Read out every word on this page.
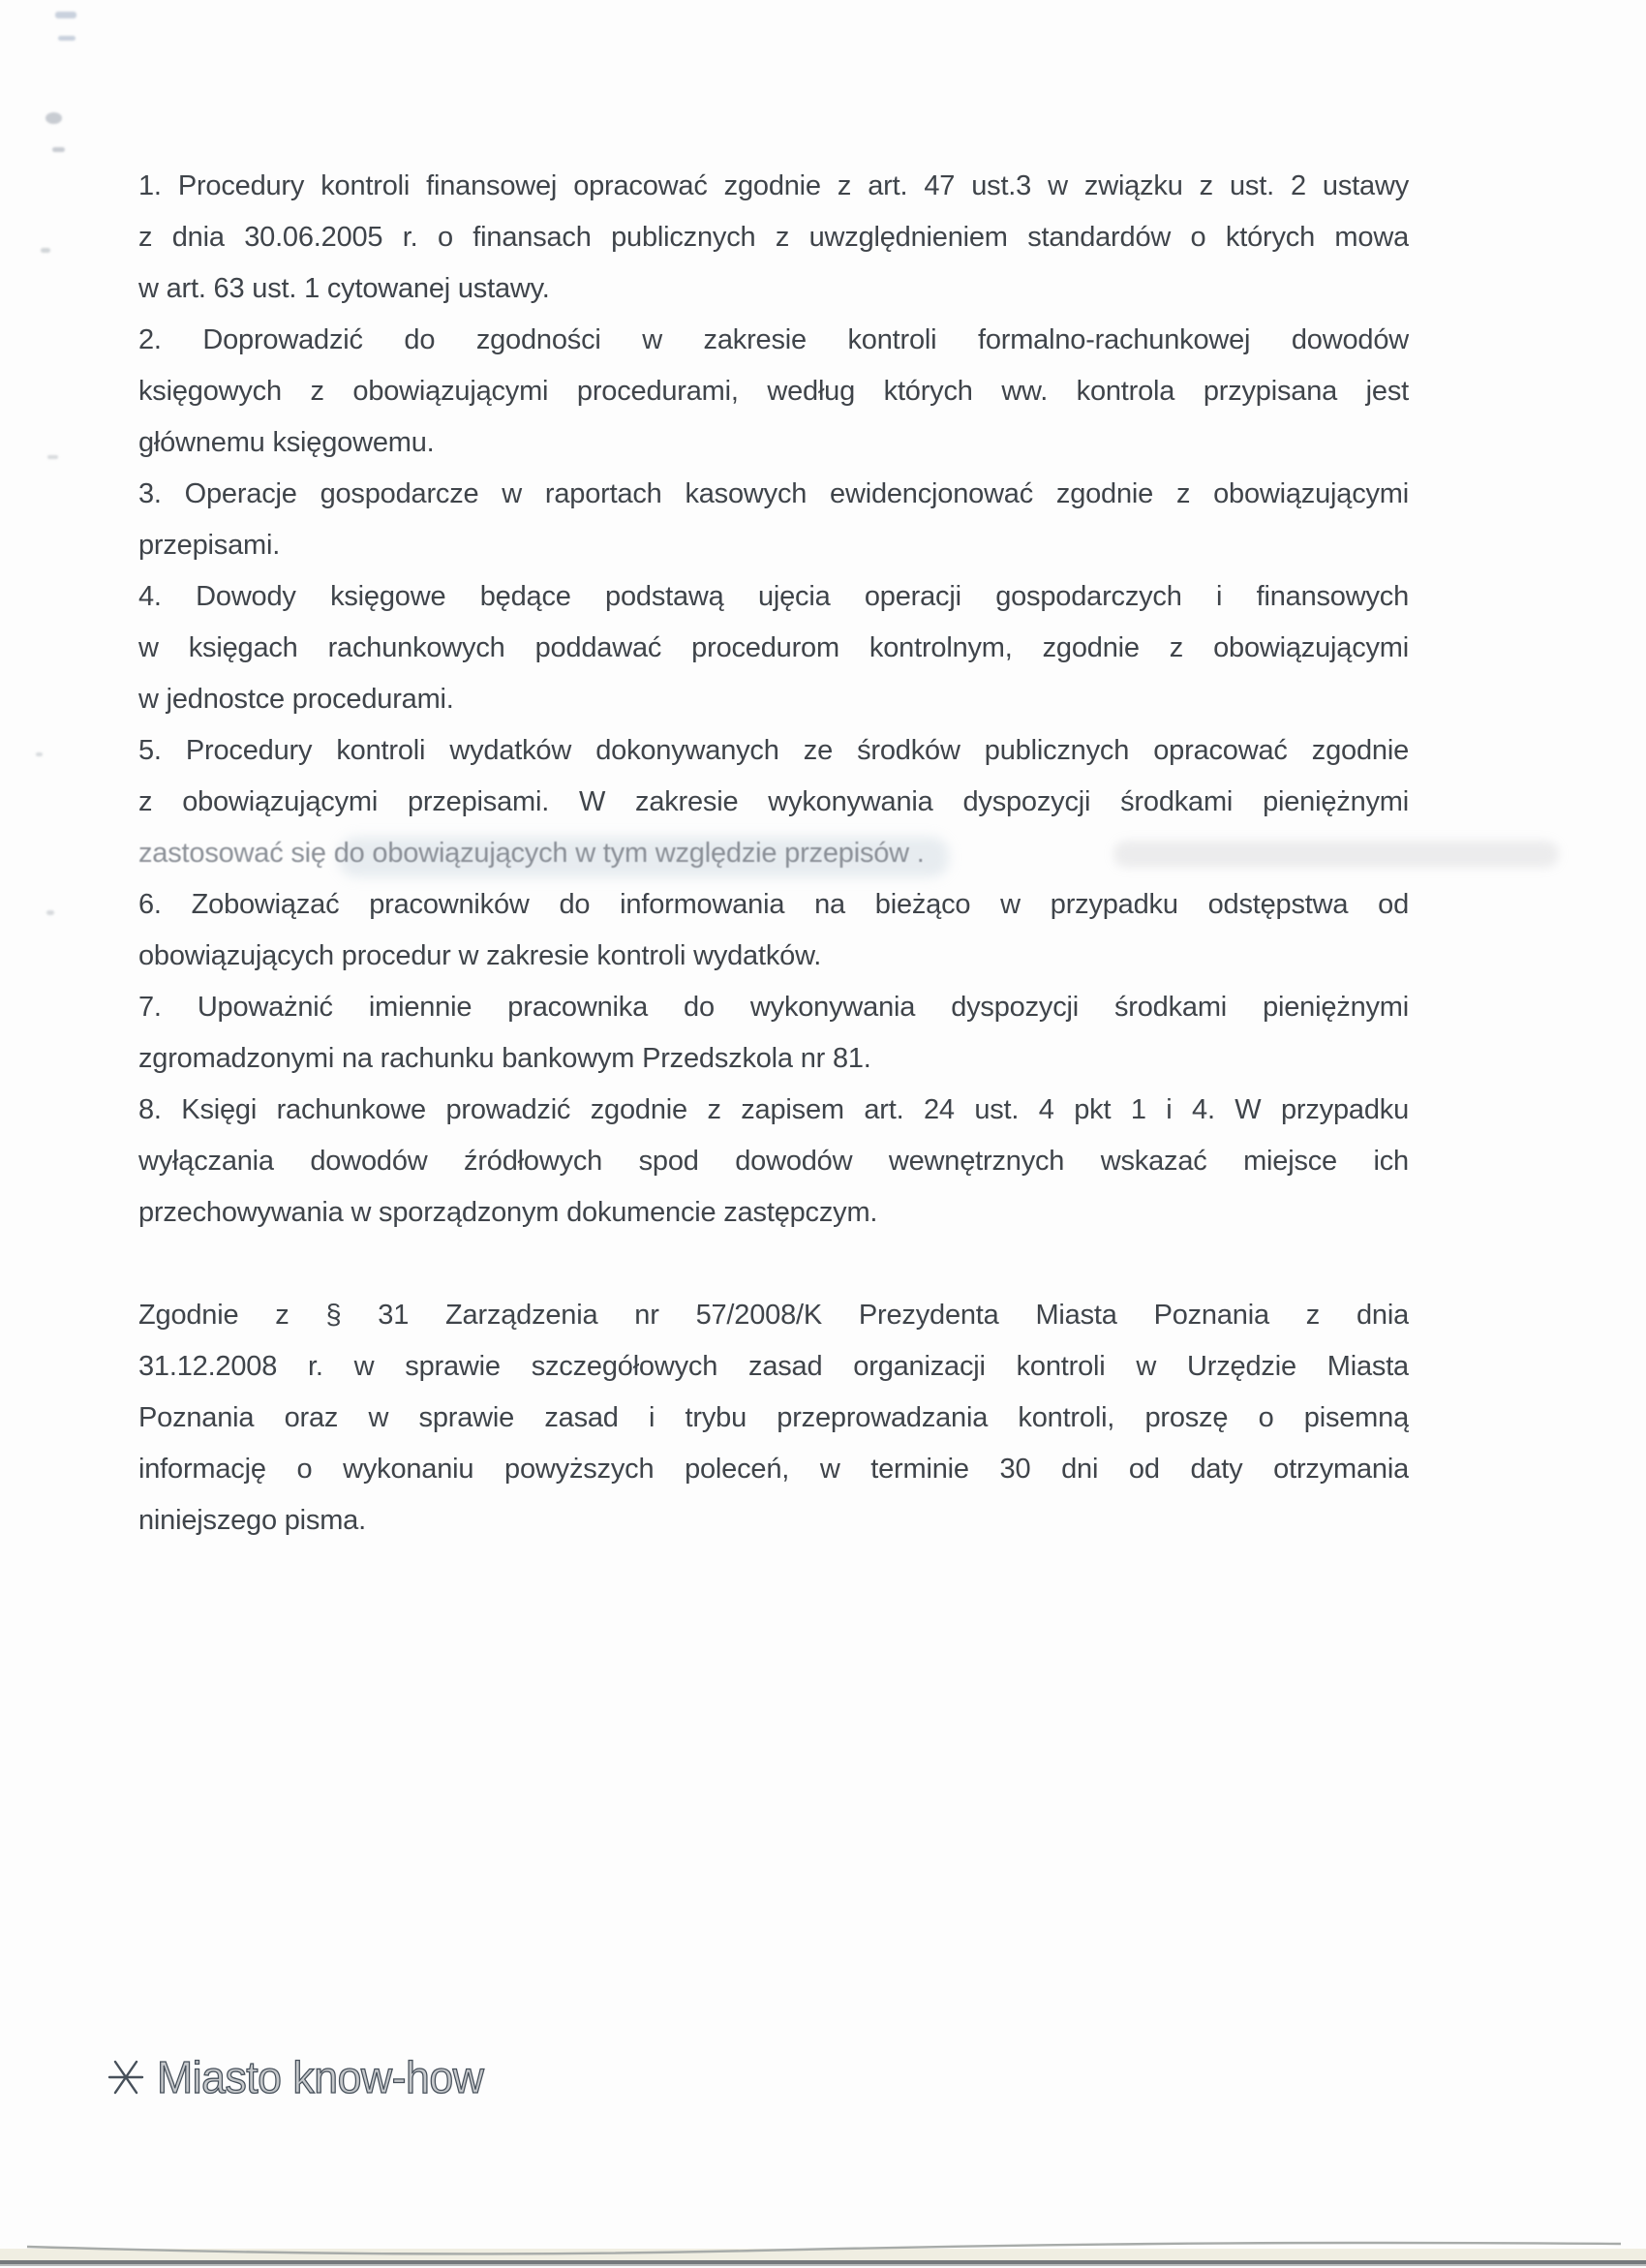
1. Procedury kontroli finansowej opracować zgodnie z art. 47 ust.3 w związku z ust. 2 ustawy
z dnia 30.06.2005 r. o finansach publicznych z uwzględnieniem standardów o których mowa
w art. 63 ust. 1 cytowanej ustawy.
2. Doprowadzić do zgodności w zakresie kontroli formalno-rachunkowej dowodów
księgowych z obowiązującymi procedurami, według których ww. kontrola przypisana jest
głównemu księgowemu.
3. Operacje gospodarcze w raportach kasowych ewidencjonować zgodnie z obowiązującymi
przepisami.
4. Dowody księgowe będące podstawą ujęcia operacji gospodarczych i finansowych
w księgach rachunkowych poddawać procedurom kontrolnym, zgodnie z obowiązującymi
w jednostce procedurami.
5. Procedury kontroli wydatków dokonywanych ze środków publicznych opracować zgodnie
z obowiązującymi przepisami. W zakresie wykonywania dyspozycji środkami pieniężnymi
zastosować się do obowiązujących w tym względzie przepisów .
6. Zobowiązać pracowników do informowania na bieżąco w przypadku odstępstwa od
obowiązujących procedur w zakresie kontroli wydatków.
7. Upoważnić imiennie pracownika do wykonywania dyspozycji środkami pieniężnymi
zgromadzonymi na rachunku bankowym Przedszkola nr 81.
8. Księgi rachunkowe prowadzić zgodnie z zapisem art. 24 ust. 4 pkt 1 i 4. W przypadku
wyłączania dowodów źródłowych spod dowodów wewnętrznych wskazać miejsce ich
przechowywania w sporządzonym dokumencie zastępczym.
Zgodnie z § 31 Zarządzenia nr 57/2008/K Prezydenta Miasta Poznania z dnia
31.12.2008 r. w sprawie szczegółowych zasad organizacji kontroli w Urzędzie Miasta
Poznania oraz w sprawie zasad i trybu przeprowadzania kontroli, proszę o pisemną
informację o wykonaniu powyższych poleceń, w terminie 30 dni od daty otrzymania
niniejszego pisma.
Miasto know-how
